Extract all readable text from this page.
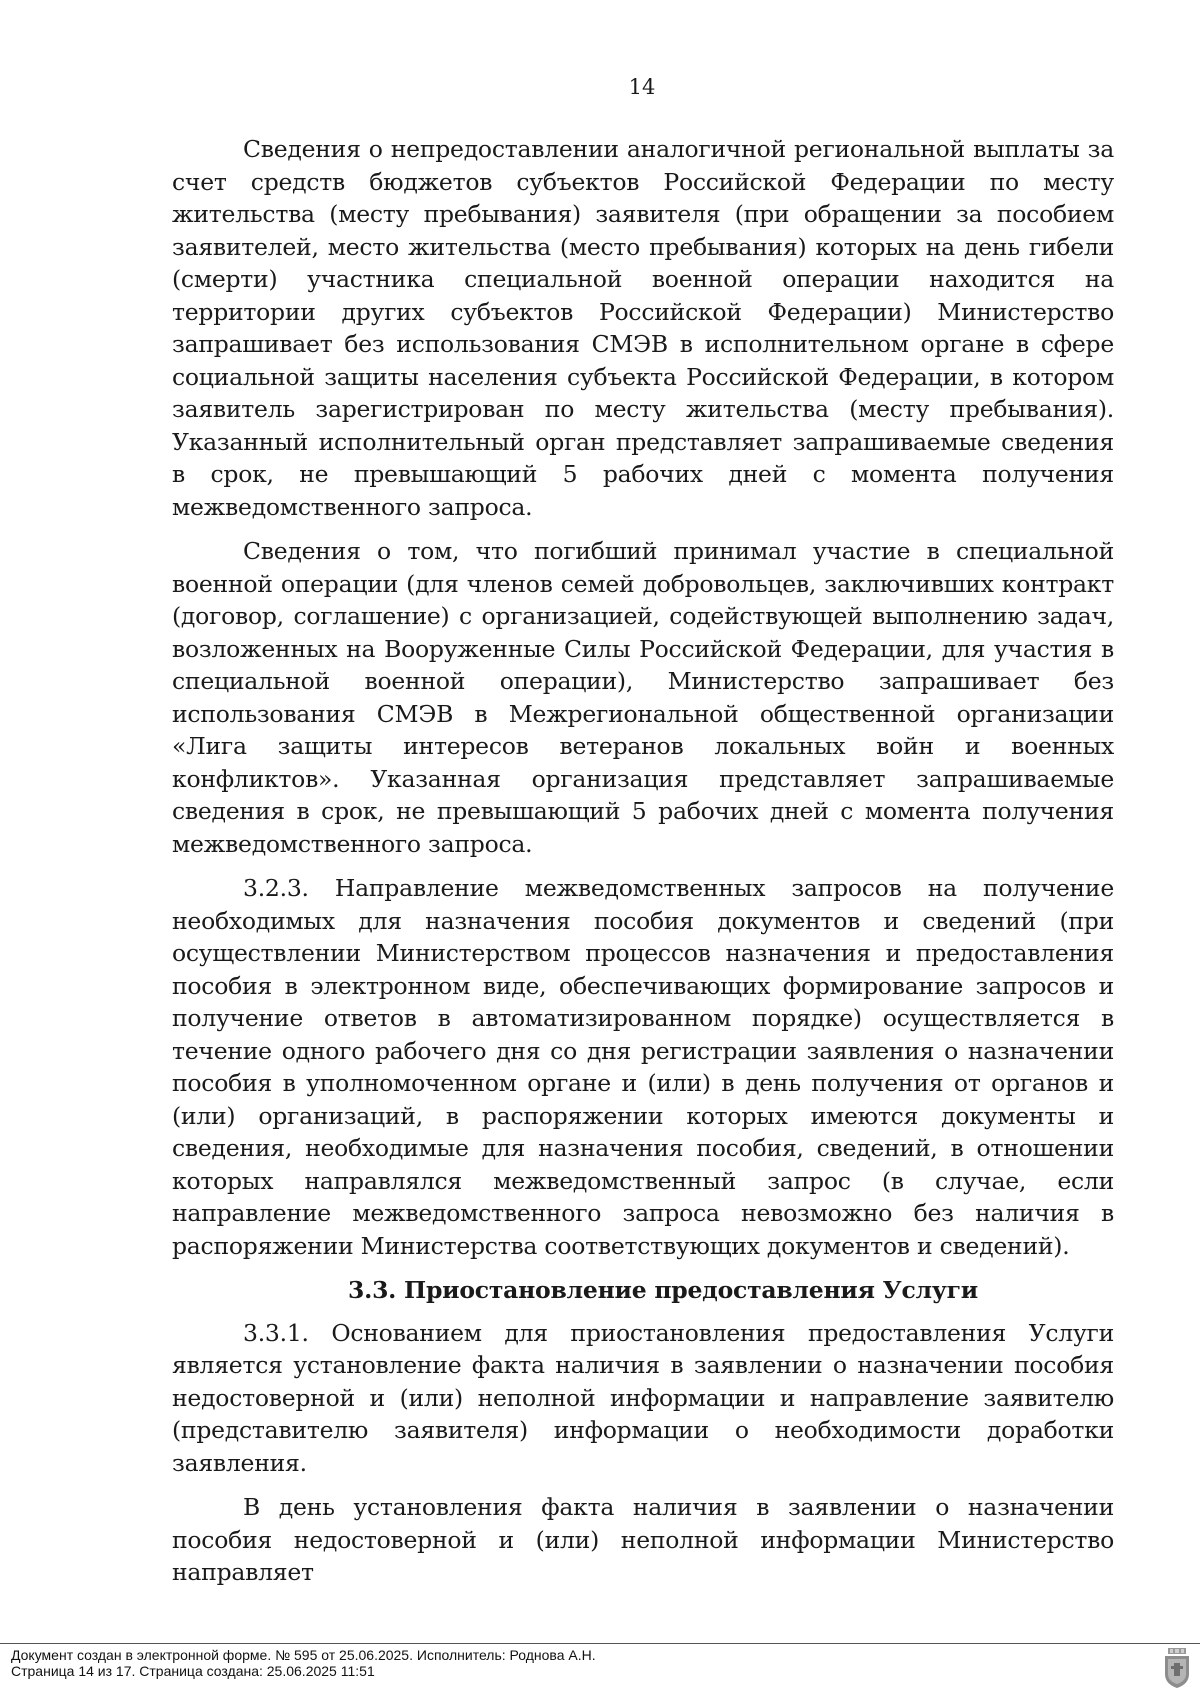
14

Сведения о непредоставлении аналогичной региональной выплаты за счет средств бюджетов субъектов Российской Федерации по месту жительства (месту пребывания) заявителя (при обращении за пособием заявителей, место жительства (место пребывания) которых на день гибели (смерти) участника специальной военной операции находится на территории других субъектов Российской Федерации) Министерство запрашивает без использования СМЭВ в исполнительном органе в сфере социальной защиты населения субъекта Российской Федерации, в котором заявитель зарегистрирован по месту жительства (месту пребывания). Указанный исполнительный орган представляет запрашиваемые сведения в срок, не превышающий 5 рабочих дней с момента получения межведомственного запроса.

Сведения о том, что погибший принимал участие в специальной военной операции (для членов семей добровольцев, заключивших контракт (договор, соглашение) с организацией, содействующей выполнению задач, возложенных на Вооруженные Силы Российской Федерации, для участия в специальной военной операции), Министерство запрашивает без использования СМЭВ в Межрегиональной общественной организации «Лига защиты интересов ветеранов локальных войн и военных конфликтов». Указанная организация представляет запрашиваемые сведения в срок, не превышающий 5 рабочих дней с момента получения межведомственного запроса.

3.2.3. Направление межведомственных запросов на получение необходимых для назначения пособия документов и сведений (при осуществлении Министерством процессов назначения и предоставления пособия в электронном виде, обеспечивающих формирование запросов и получение ответов в автоматизированном порядке) осуществляется в течение одного рабочего дня со дня регистрации заявления о назначении пособия в уполномоченном органе и (или) в день получения от органов и (или) организаций, в распоряжении которых имеются документы и сведения, необходимые для назначения пособия, сведений, в отношении которых направлялся межведомственный запрос (в случае, если направление межведомственного запроса невозможно без наличия в распоряжении Министерства соответствующих документов и сведений).

3.3. Приостановление предоставления Услуги

3.3.1. Основанием для приостановления предоставления Услуги является установление факта наличия в заявлении о назначении пособия недостоверной и (или) неполной информации и направление заявителю (представителю заявителя) информации о необходимости доработки заявления.

В день установления факта наличия в заявлении о назначении пособия недостоверной и (или) неполной информации Министерство направляет

Документ создан в электронной форме. № 595 от 25.06.2025. Исполнитель: Роднова А.Н.
Страница 14 из 17. Страница создана: 25.06.2025 11:51
